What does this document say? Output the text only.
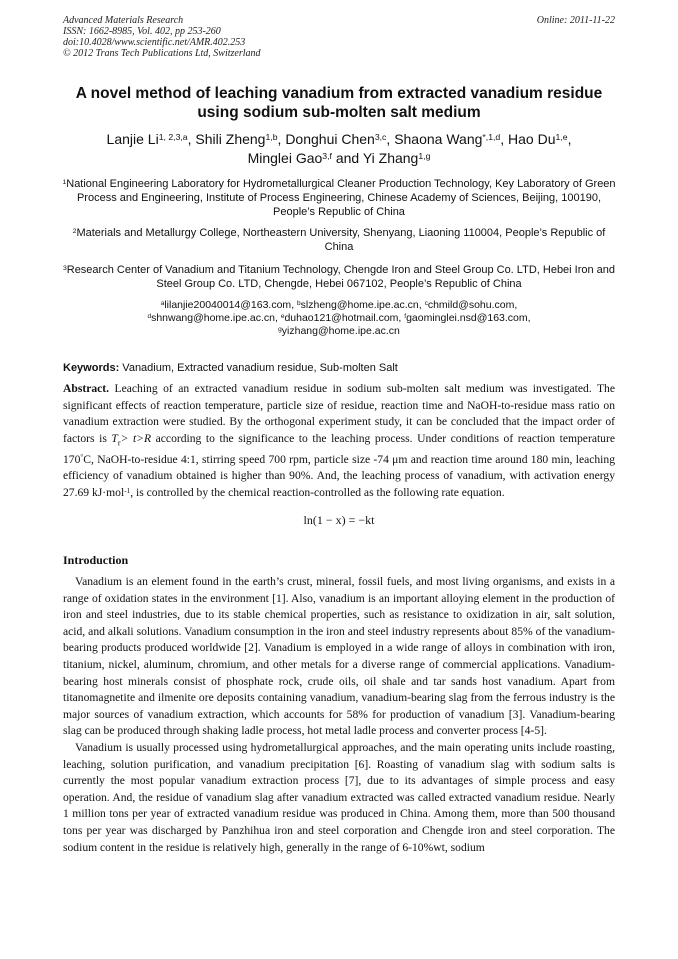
Advanced Materials Research
ISSN: 1662-8985, Vol. 402, pp 253-260
doi:10.4028/www.scientific.net/AMR.402.253
© 2012 Trans Tech Publications Ltd, Switzerland
Online: 2011-11-22
A novel method of leaching vanadium from extracted vanadium residue
using sodium sub-molten salt medium
Lanjie Li$^{1, 2,3,a}$, Shili Zheng$^{1,b}$, Donghui Chen$^{3,c}$, Shaona Wang$^{*,1,d}$, Hao Du$^{1,e}$,
Minglei Gao$^{3,f}$ and Yi Zhang$^{1,g}$
$^1$National Engineering Laboratory for Hydrometallurgical Cleaner Production Technology, Key Laboratory of Green Process and Engineering, Institute of Process Engineering, Chinese Academy of Sciences, Beijing, 100190, People’s Republic of China
$^2$Materials and Metallurgy College, Northeastern University, Shenyang, Liaoning 110004, People’s Republic of China
$^3$Research Center of Vanadium and Titanium Technology, Chengde Iron and Steel Group Co. LTD, Hebei Iron and Steel Group Co. LTD, Chengde, Hebei 067102, People’s Republic of China
$^a$lilanjie20040014@163.com, $^b$slzheng@home.ipe.ac.cn, $^c$chmild@sohu.com,
$^d$shnwang@home.ipe.ac.cn, $^e$duhao121@hotmail.com, $^f$gaominglei.nsd@163.com,
$^g$yizhang@home.ipe.ac.cn
Keywords: Vanadium, Extracted vanadium residue, Sub-molten Salt
Abstract. Leaching of an extracted vanadium residue in sodium sub-molten salt medium was investigated. The significant effects of reaction temperature, particle size of residue, reaction time and NaOH-to-residue mass ratio on vanadium extraction were studied. By the orthogonal experiment study, it can be concluded that the impact order of factors is $T_r> t>R$ according to the significance to the leaching process. Under conditions of reaction temperature 170°C, NaOH-to-residue 4:1, stirring speed 700 rpm, particle size -74 μm and reaction time around 180 min, leaching efficiency of vanadium obtained is higher than 90%. And, the leaching process of vanadium, with activation energy 27.69 kJ·mol$^{-1}$, is controlled by the chemical reaction-controlled as the following rate equation.
ln(1 − x) = −kt
Introduction

Vanadium is an element found in the earth’s crust, mineral, fossil fuels, and most living organisms, and exists in a range of oxidation states in the environment [1]. Also, vanadium is an important alloying element in the production of iron and steel industries, due to its stable chemical properties, such as resistance to oxidization in air, salt solution, acid, and alkali solutions. Vanadium consumption in the iron and steel industry represents about 85% of the vanadium-bearing products produced worldwide [2]. Vanadium is employed in a wide range of alloys in combination with iron, titanium, nickel, aluminum, chromium, and other metals for a diverse range of commercial applications. Vanadium-bearing host minerals consist of phosphate rock, crude oils, oil shale and tar sands host vanadium. Apart from titanomagnetite and ilmenite ore deposits containing vanadium, vanadium-bearing slag from the ferrous industry is the major sources of vanadium extraction, which accounts for 58% for production of vanadium [3]. Vanadium-bearing slag can be produced through shaking ladle process, hot metal ladle process and converter process [4-5].

Vanadium is usually processed using hydrometallurgical approaches, and the main operating units include roasting, leaching, solution purification, and vanadium precipitation [6]. Roasting of vanadium slag with sodium salts is currently the most popular vanadium extraction process [7], due to its advantages of simple process and easy operation. And, the residue of vanadium slag after vanadium extracted was called extracted vanadium residue. Nearly 1 million tons per year of extracted vanadium residue was produced in China. Among them, more than 500 thousand tons per year was discharged by Panzhihua iron and steel corporation and Chengde iron and steel corporation. The sodium content in the residue is relatively high, generally in the range of 6-10%wt, sodium
